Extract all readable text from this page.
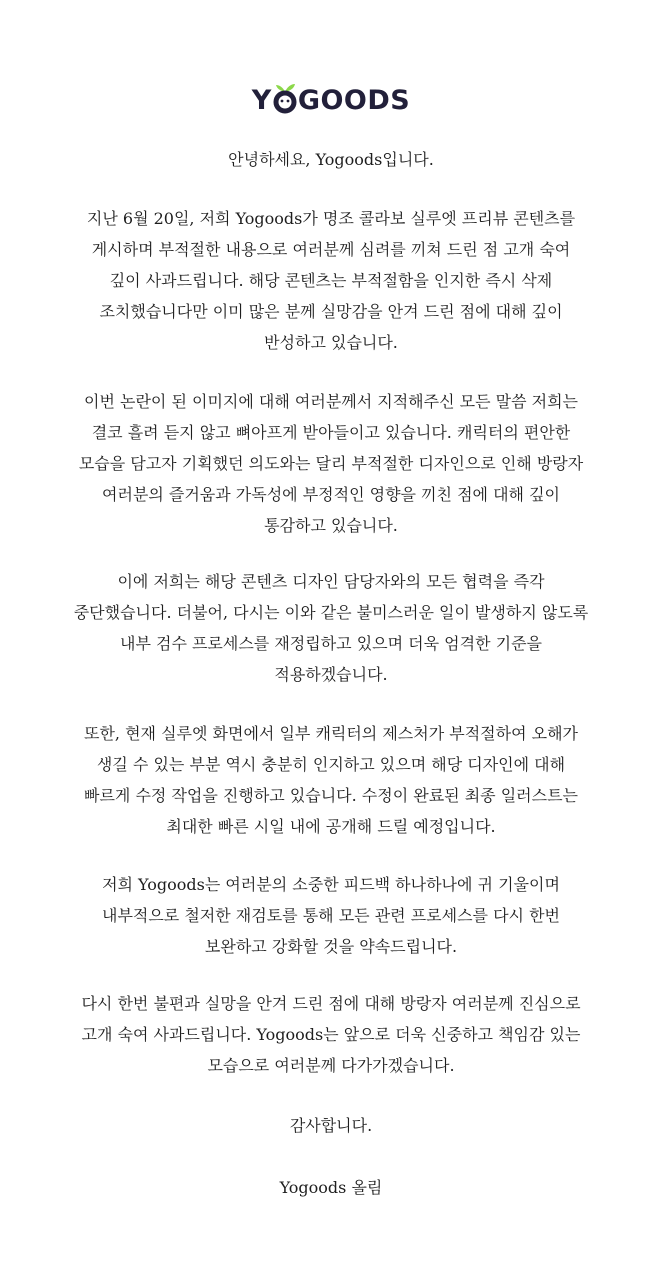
Y GOODS

안녕하세요, Yogoods입니다.

지난 6월 20일, 저희 Yogoods가 명조 콜라보 실루엣 프리뷰 콘텐츠를
게시하며 부적절한 내용으로 여러분께 심려를 끼쳐 드린 점 고개 숙여
깊이 사과드립니다. 해당 콘텐츠는 부적절함을 인지한 즉시 삭제
조치했습니다만 이미 많은 분께 실망감을 안겨 드린 점에 대해 깊이
반성하고 있습니다.

이번 논란이 된 이미지에 대해 여러분께서 지적해주신 모든 말씀 저희는
결코 흘려 듣지 않고 뼈아프게 받아들이고 있습니다. 캐릭터의 편안한
모습을 담고자 기획했던 의도와는 달리 부적절한 디자인으로 인해 방랑자
여러분의 즐거움과 가독성에 부정적인 영향을 끼친 점에 대해 깊이
통감하고 있습니다.

이에 저희는 해당 콘텐츠 디자인 담당자와의 모든 협력을 즉각
중단했습니다. 더불어, 다시는 이와 같은 불미스러운 일이 발생하지 않도록
내부 검수 프로세스를 재정립하고 있으며 더욱 엄격한 기준을
적용하겠습니다.

또한, 현재 실루엣 화면에서 일부 캐릭터의 제스처가 부적절하여 오해가
생길 수 있는 부분 역시 충분히 인지하고 있으며 해당 디자인에 대해
빠르게 수정 작업을 진행하고 있습니다. 수정이 완료된 최종 일러스트는
최대한 빠른 시일 내에 공개해 드릴 예정입니다.

저희 Yogoods는 여러분의 소중한 피드백 하나하나에 귀 기울이며
내부적으로 철저한 재검토를 통해 모든 관련 프로세스를 다시 한번
보완하고 강화할 것을 약속드립니다.

다시 한번 불편과 실망을 안겨 드린 점에 대해 방랑자 여러분께 진심으로
고개 숙여 사과드립니다. Yogoods는 앞으로 더욱 신중하고 책임감 있는
모습으로 여러분께 다가가겠습니다.

감사합니다.

Yogoods 올림
